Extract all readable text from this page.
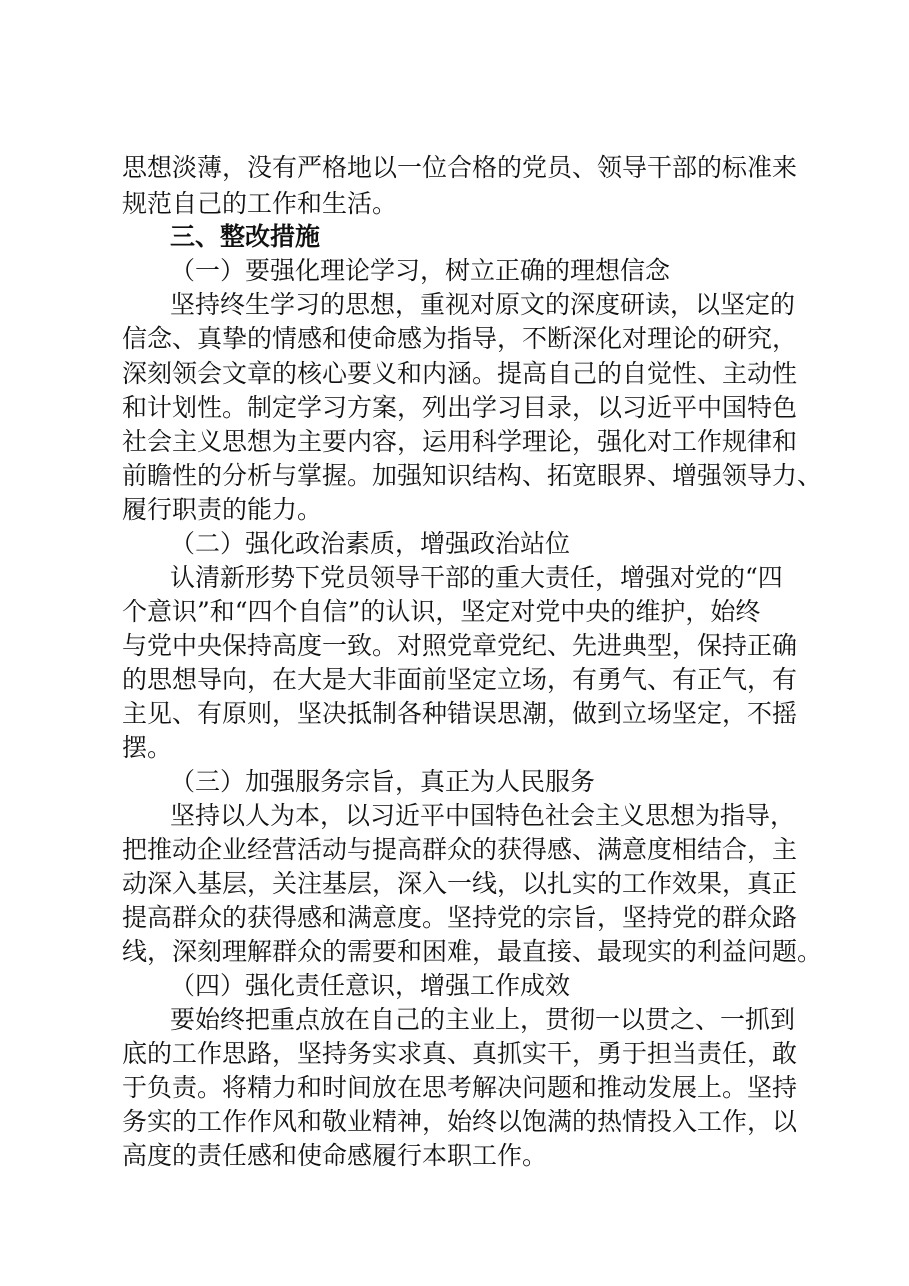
思想淡薄，没有严格地以一位合格的党员、领导干部的标准来
规范自己的工作和生活。
三、整改措施
（一）要强化理论学习，树立正确的理想信念
坚持终生学习的思想，重视对原文的深度研读，以坚定的
信念、真挚的情感和使命感为指导，不断深化对理论的研究，
深刻领会文章的核心要义和内涵。提高自己的自觉性、主动性
和计划性。制定学习方案，列出学习目录，以习近平中国特色
社会主义思想为主要内容，运用科学理论，强化对工作规律和
前瞻性的分析与掌握。加强知识结构、拓宽眼界、增强领导力、
履行职责的能力。
（二）强化政治素质，增强政治站位
认清新形势下党员领导干部的重大责任，增强对党的“四
个意识”和“四个自信”的认识，坚定对党中央的维护，始终
与党中央保持高度一致。对照党章党纪、先进典型，保持正确
的思想导向，在大是大非面前坚定立场，有勇气、有正气，有
主见、有原则，坚决抵制各种错误思潮，做到立场坚定，不摇
摆。
（三）加强服务宗旨，真正为人民服务
坚持以人为本，以习近平中国特色社会主义思想为指导，
把推动企业经营活动与提高群众的获得感、满意度相结合，主
动深入基层，关注基层，深入一线，以扎实的工作效果，真正
提高群众的获得感和满意度。坚持党的宗旨，坚持党的群众路
线，深刻理解群众的需要和困难，最直接、最现实的利益问题。
（四）强化责任意识，增强工作成效
要始终把重点放在自己的主业上，贯彻一以贯之、一抓到
底的工作思路，坚持务实求真、真抓实干，勇于担当责任，敢
于负责。将精力和时间放在思考解决问题和推动发展上。坚持
务实的工作作风和敬业精神，始终以饱满的热情投入工作，以
高度的责任感和使命感履行本职工作。
